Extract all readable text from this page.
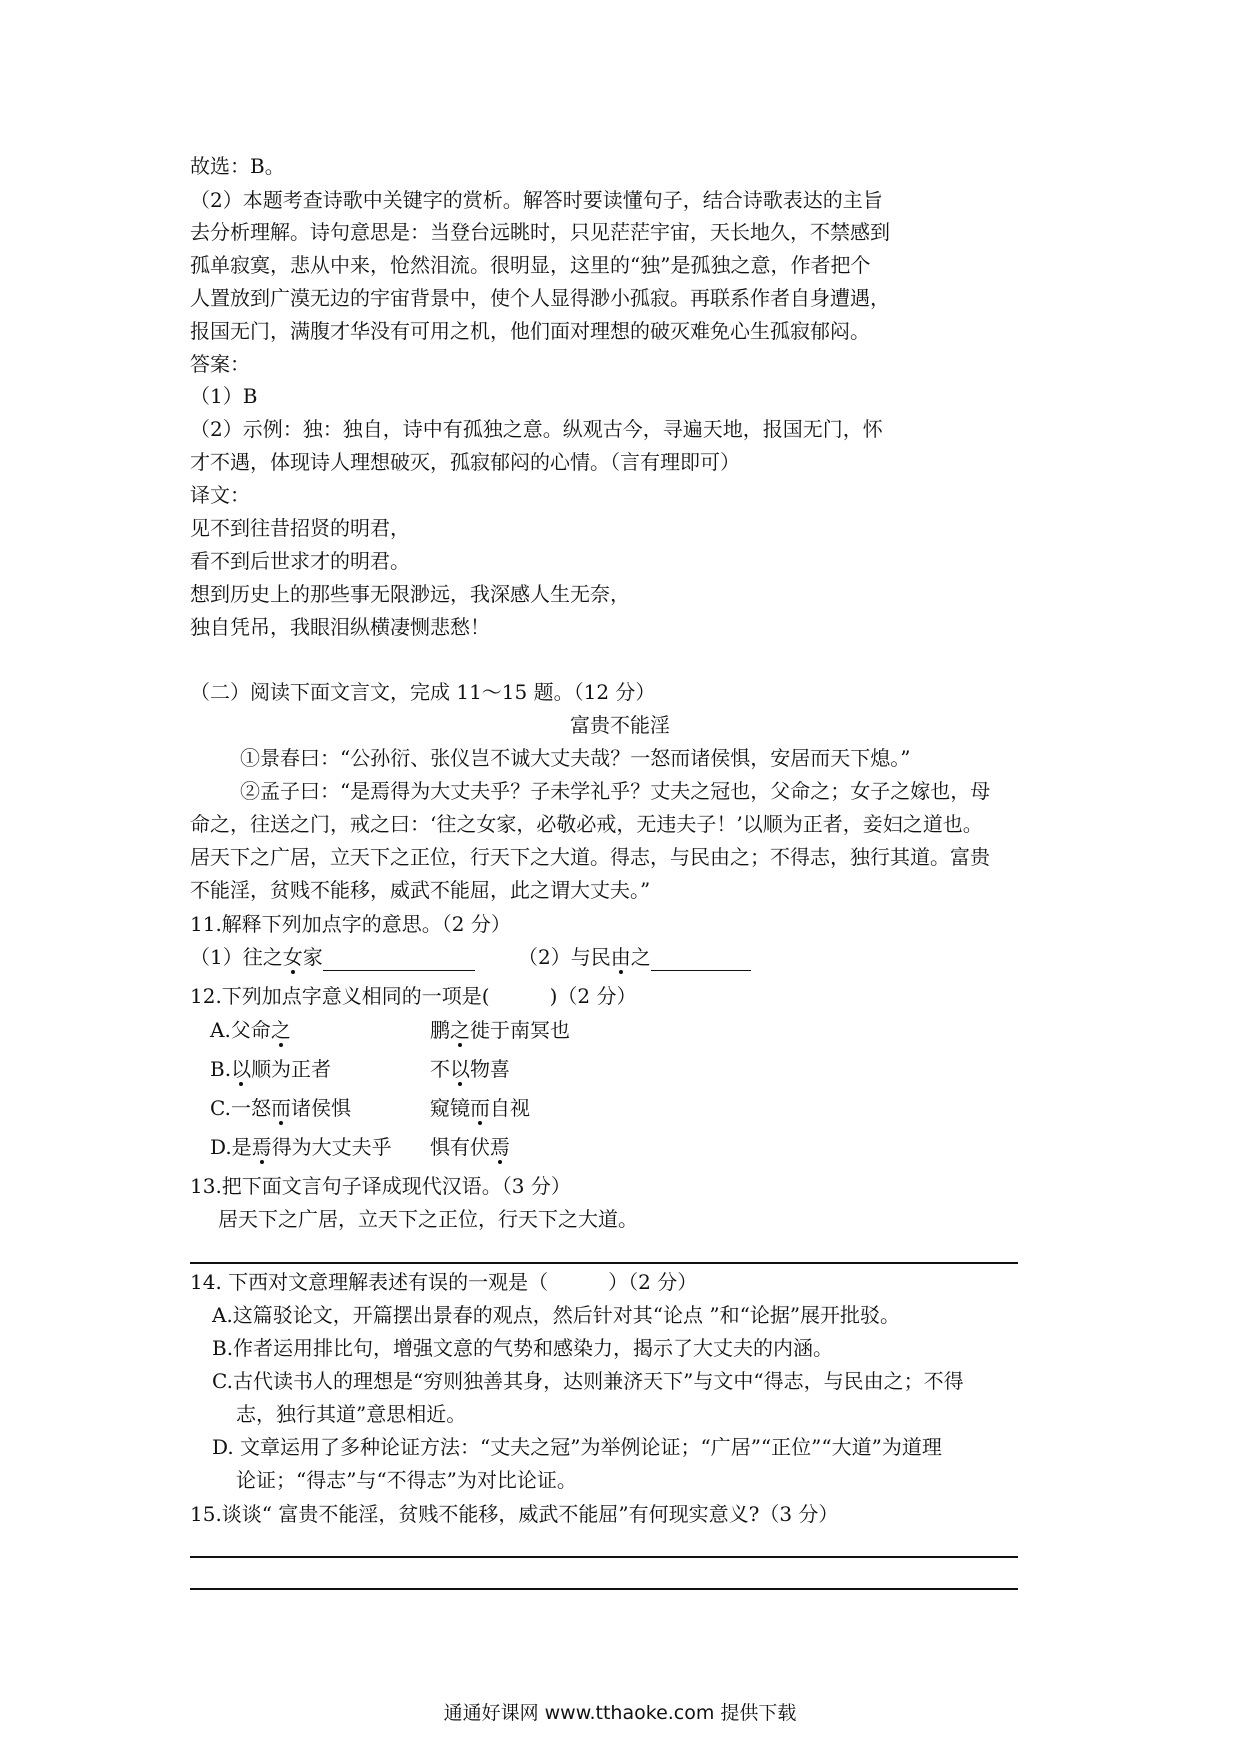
故选：B。
（2）本题考查诗歌中关键字的赏析。解答时要读懂句子，结合诗歌表达的主旨
去分析理解。诗句意思是：当登台远眺时，只见茫茫宇宙，天长地久，不禁感到
孤单寂寞，悲从中来，怆然泪流。很明显，这里的“独”是孤独之意，作者把个
人置放到广漠无边的宇宙背景中，使个人显得渺小孤寂。再联系作者自身遭遇，
报国无门，满腹才华没有可用之机，他们面对理想的破灭难免心生孤寂郁闷。
答案：
（1）B
（2）示例：独：独自，诗中有孤独之意。纵观古今，寻遍天地，报国无门，怀
才不遇，体现诗人理想破灭，孤寂郁闷的心情。（言有理即可）
译文：
见不到往昔招贤的明君，
看不到后世求才的明君。
想到历史上的那些事无限渺远，我深感人生无奈，
独自凭吊，我眼泪纵横凄恻悲愁！
（二）阅读下面文言文，完成 11～15 题。（12 分）
富贵不能淫
①景春曰：“公孙衍、张仪岂不诚大丈夫哉？一怒而诸侯惧，安居而天下熄。”
②孟子曰：“是焉得为大丈夫乎？子未学礼乎？丈夫之冠也，父命之；女子之嫁也，母
命之，往送之门，戒之曰：‘往之女家，必敬必戒，无违夫子！’以顺为正者，妾妇之道也。
居天下之广居，立天下之正位，行天下之大道。得志，与民由之；不得志，独行其道。富贵
不能淫，贫贱不能移，威武不能屈，此之谓大丈夫。”
11.解释下列加点字的意思。（2 分）
（1）往之女家	（2）与民由之
12.下列加点字意义相同的一项是(　　　)（2 分）
A.父命之	鹏之徙于南冥也
B.以顺为正者	不以物喜
C.一怒而诸侯惧	窥镜而自视
D.是焉得为大丈夫乎 惧有伏焉
13.把下面文言句子译成现代汉语。（3 分）
居天下之广居，立天下之正位，行天下之大道。
14. 下西对文意理解表述有误的一观是（　　　）（2 分）
A.这篇驳论文，开篇摆出景春的观点，然后针对其“论点 ”和“论据”展开批驳。
B.作者运用排比句，增强文意的气势和感染力，揭示了大丈夫的内涵。
C.古代读书人的理想是“穷则独善其身，达则兼济天下”与文中“得志，与民由之；不得
志，独行其道”意思相近。
D. 文章运用了多种论证方法：“丈夫之冠”为举例论证；“广居”“正位”“大道”为道理
论证；“得志”与“不得志”为对比论证。
15.谈谈“ 富贵不能淫，贫贱不能移，威武不能屈”有何现实意义?（3 分）
通通好课网 www.tthaoke.com 提供下载
